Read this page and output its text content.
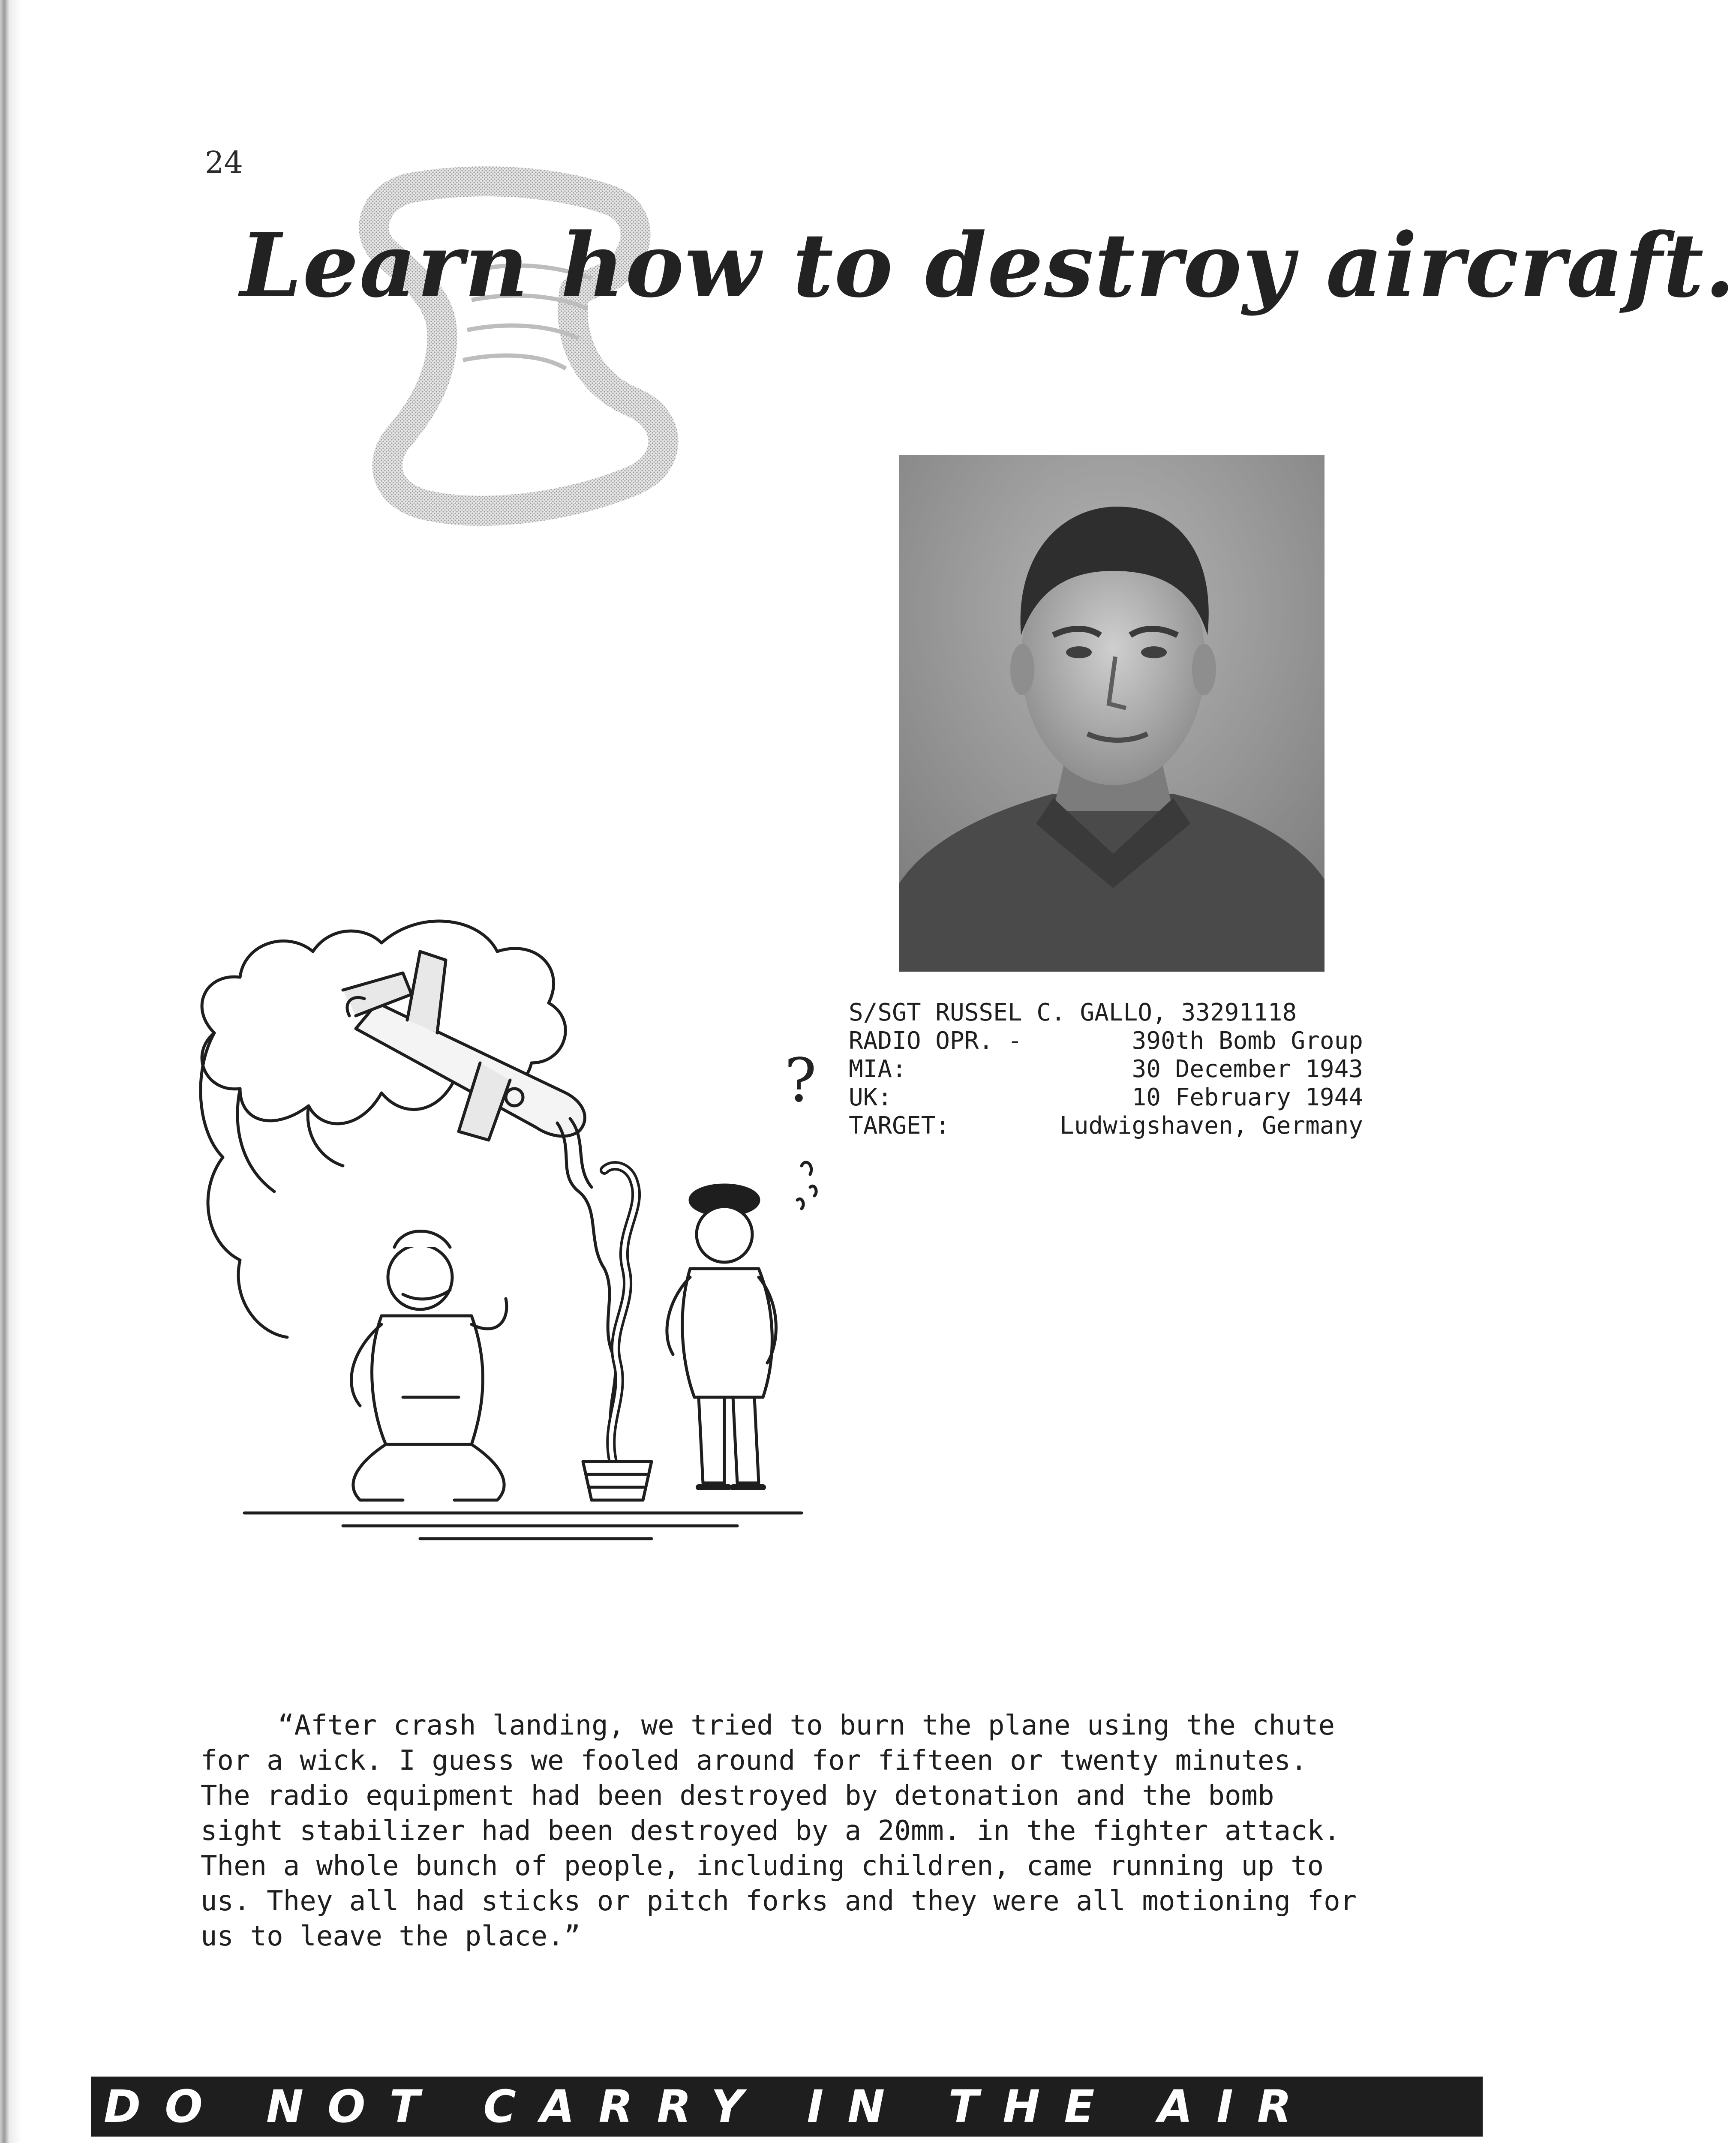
24
Learn how to destroy aircraft.
S/SGT RUSSEL C. GALLO, 33291118
RADIO OPR. -	390th Bomb Group
MIA:	30 December 1943
UK:	10 February 1944
TARGET:	Ludwigshaven, Germany
?

“After crash landing, we tried to burn the plane using the chute for a wick. I guess we fooled around for fifteen or twenty minutes. The radio equipment had been destroyed by detonation and the bomb sight stabilizer had been destroyed by a 20mm. in the fighter attack. Then a whole bunch of people, including children, came running up to us. They all had sticks or pitch forks and they were all motioning for us to leave the place.”

DO NOT CARRY IN THE AIR
